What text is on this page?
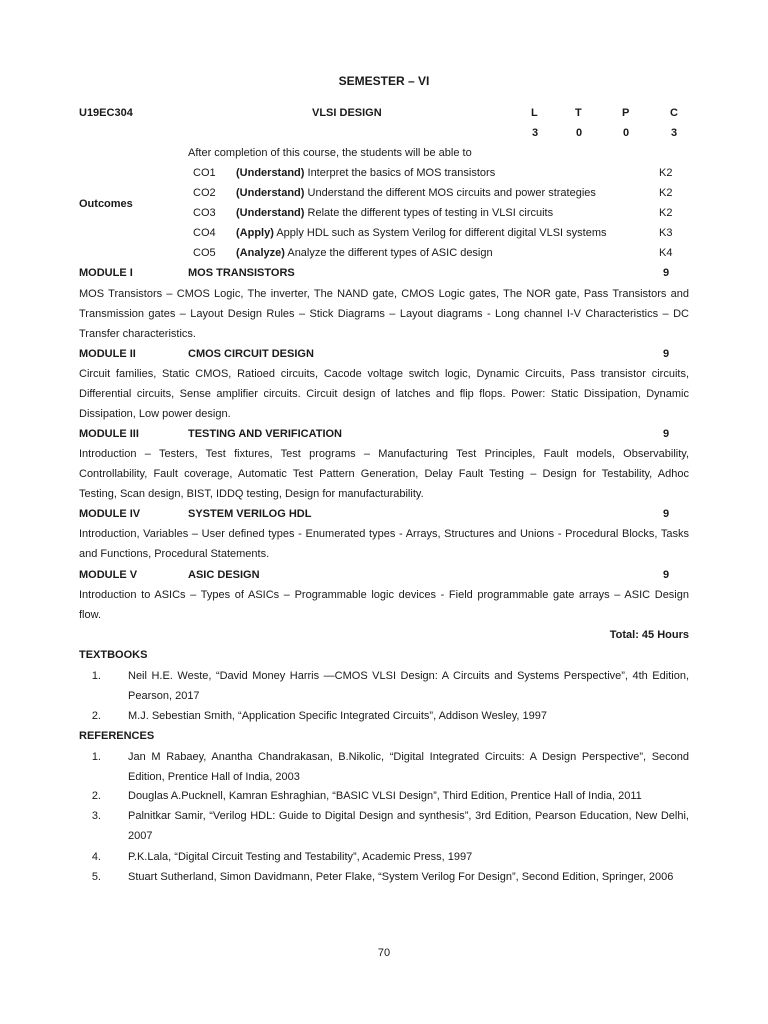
SEMESTER – VI
U19EC304	VLSI DESIGN	L	T	P	C
3	0	0	3
After completion of this course, the students will be able to
Outcomes
CO1 (Understand) Interpret the basics of MOS transistors	K2
CO2 (Understand) Understand the different MOS circuits and power strategies	K2
CO3 (Understand) Relate the different types of testing in VLSI circuits	K2
CO4 (Apply) Apply HDL such as System Verilog for different digital VLSI systems	K3
CO5 (Analyze) Analyze the different types of ASIC design	K4
MODULE I	MOS TRANSISTORS	9
MOS Transistors – CMOS Logic, The inverter, The NAND gate, CMOS Logic gates, The NOR gate, Pass Transistors and
Transmission gates – Layout Design Rules – Stick Diagrams – Layout diagrams - Long channel I-V Characteristics – DC
Transfer characteristics.
MODULE II	CMOS CIRCUIT DESIGN	9
Circuit families, Static CMOS, Ratioed circuits, Cacode voltage switch logic, Dynamic Circuits, Pass transistor circuits,
Differential circuits, Sense amplifier circuits. Circuit design of latches and flip flops. Power: Static Dissipation, Dynamic
Dissipation, Low power design.
MODULE III	TESTING AND VERIFICATION	9
Introduction – Testers, Test fixtures, Test programs – Manufacturing Test Principles, Fault models, Observability,
Controllability, Fault coverage, Automatic Test Pattern Generation, Delay Fault Testing – Design for Testability, Adhoc
Testing, Scan design, BIST, IDDQ testing, Design for manufacturability.
MODULE IV	SYSTEM VERILOG HDL	9
Introduction, Variables – User defined types - Enumerated types - Arrays, Structures and Unions - Procedural Blocks, Tasks
and Functions, Procedural Statements.
MODULE V	ASIC DESIGN	9
Introduction to ASICs – Types of ASICs – Programmable logic devices - Field programmable gate arrays – ASIC Design
flow.
Total: 45 Hours
TEXTBOOKS
1. Neil H.E. Weste, “David Money Harris —CMOS VLSI Design: A Circuits and Systems Perspective”, 4th Edition,
Pearson, 2017
2. M.J. Sebestian Smith, “Application Specific Integrated Circuits”, Addison Wesley, 1997
REFERENCES
1. Jan M Rabaey, Anantha Chandrakasan, B.Nikolic, “Digital Integrated Circuits: A Design Perspective”, Second
Edition, Prentice Hall of India, 2003
2. Douglas A.Pucknell, Kamran Eshraghian, “BASIC VLSI Design”, Third Edition, Prentice Hall of India, 2011
3. Palnitkar Samir, “Verilog HDL: Guide to Digital Design and synthesis”, 3rd Edition, Pearson Education, New Delhi,
2007
4. P.K.Lala, “Digital Circuit Testing and Testability”, Academic Press, 1997
5. Stuart Sutherland, Simon Davidmann, Peter Flake, “System Verilog For Design”, Second Edition, Springer, 2006
70
